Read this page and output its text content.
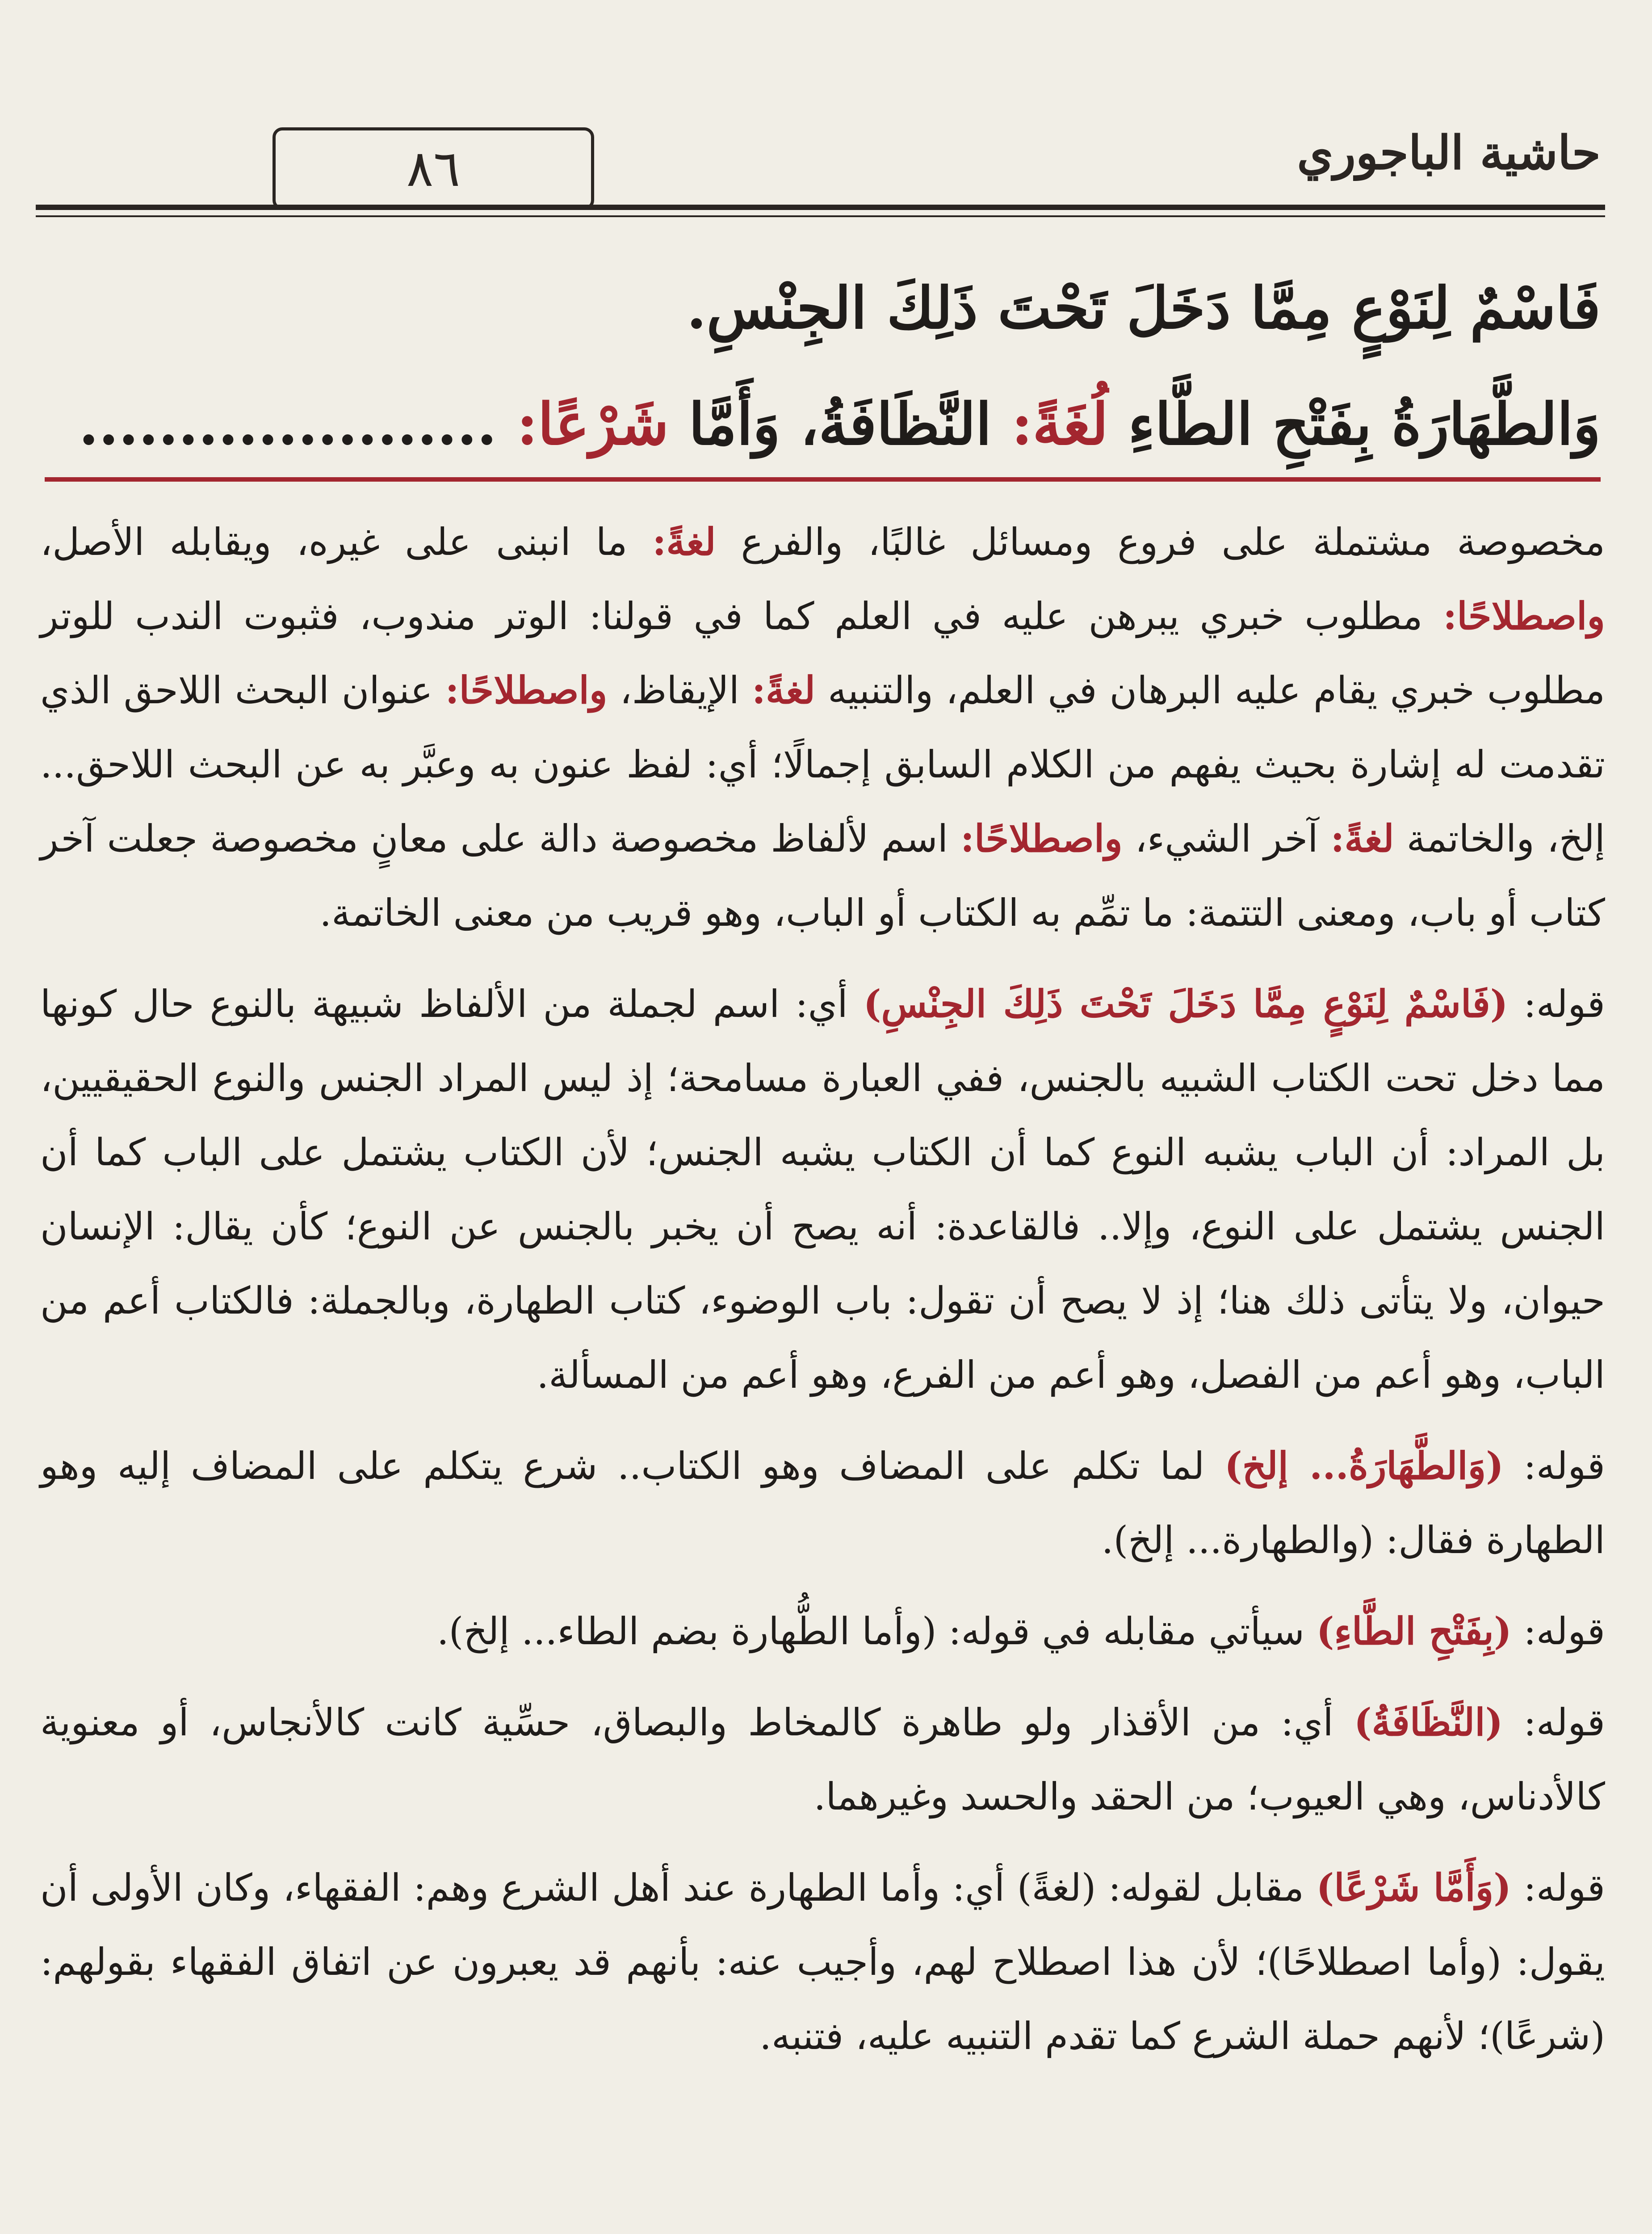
٨٦	حاشية الباجوري

فَاسْمٌ لِنَوْعٍ مِمَّا دَخَلَ تَحْتَ ذَلِكَ الجِنْسِ.

وَالطَّهَارَةُ بِفَتْحِ الطَّاءِ لُغَةً: النَّظَافَةُ، وَأَمَّا شَرْعًا: .....................

مخصوصة مشتملة على فروع ومسائل غالبًا، والفرع لغةً: ما انبنى على غيره، ويقابله الأصل، واصطلاحًا: مطلوب خبري يبرهن عليه في العلم كما في قولنا: الوتر مندوب، فثبوت الندب للوتر مطلوب خبري يقام عليه البرهان في العلم، والتنبيه لغةً: الإيقاظ، واصطلاحًا: عنوان البحث اللاحق الذي تقدمت له إشارة بحيث يفهم من الكلام السابق إجمالًا؛ أي: لفظ عنون به وعبَّر به عن البحث اللاحق... إلخ، والخاتمة لغةً: آخر الشيء، واصطلاحًا: اسم لألفاظ مخصوصة دالة على معانٍ مخصوصة جعلت آخر كتاب أو باب، ومعنى التتمة: ما تمِّم به الكتاب أو الباب، وهو قريب من معنى الخاتمة.

قوله: (فَاسْمٌ لِنَوْعٍ مِمَّا دَخَلَ تَحْتَ ذَلِكَ الجِنْسِ) أي: اسم لجملة من الألفاظ شبيهة بالنوع حال كونها مما دخل تحت الكتاب الشبيه بالجنس، ففي العبارة مسامحة؛ إذ ليس المراد الجنس والنوع الحقيقيين، بل المراد: أن الباب يشبه النوع كما أن الكتاب يشبه الجنس؛ لأن الكتاب يشتمل على الباب كما أن الجنس يشتمل على النوع، وإلا.. فالقاعدة: أنه يصح أن يخبر بالجنس عن النوع؛ كأن يقال: الإنسان حيوان، ولا يتأتى ذلك هنا؛ إذ لا يصح أن تقول: باب الوضوء، كتاب الطهارة، وبالجملة: فالكتاب أعم من الباب، وهو أعم من الفصل، وهو أعم من الفرع، وهو أعم من المسألة.

قوله: (وَالطَّهَارَةُ... إلخ) لما تكلم على المضاف وهو الكتاب.. شرع يتكلم على المضاف إليه وهو الطهارة فقال: (والطهارة... إلخ).

قوله: (بِفَتْحِ الطَّاءِ) سيأتي مقابله في قوله: (وأما الطُّهارة بضم الطاء... إلخ).

قوله: (النَّظَافَةُ) أي: من الأقذار ولو طاهرة كالمخاط والبصاق، حسِّية كانت كالأنجاس، أو معنوية كالأدناس، وهي العيوب؛ من الحقد والحسد وغيرهما.

قوله: (وَأَمَّا شَرْعًا) مقابل لقوله: (لغةً) أي: وأما الطهارة عند أهل الشرع وهم: الفقهاء، وكان الأولى أن يقول: (وأما اصطلاحًا)؛ لأن هذا اصطلاح لهم، وأجيب عنه: بأنهم قد يعبرون عن اتفاق الفقهاء بقولهم: (شرعًا)؛ لأنهم حملة الشرع كما تقدم التنبيه عليه، فتنبه.
